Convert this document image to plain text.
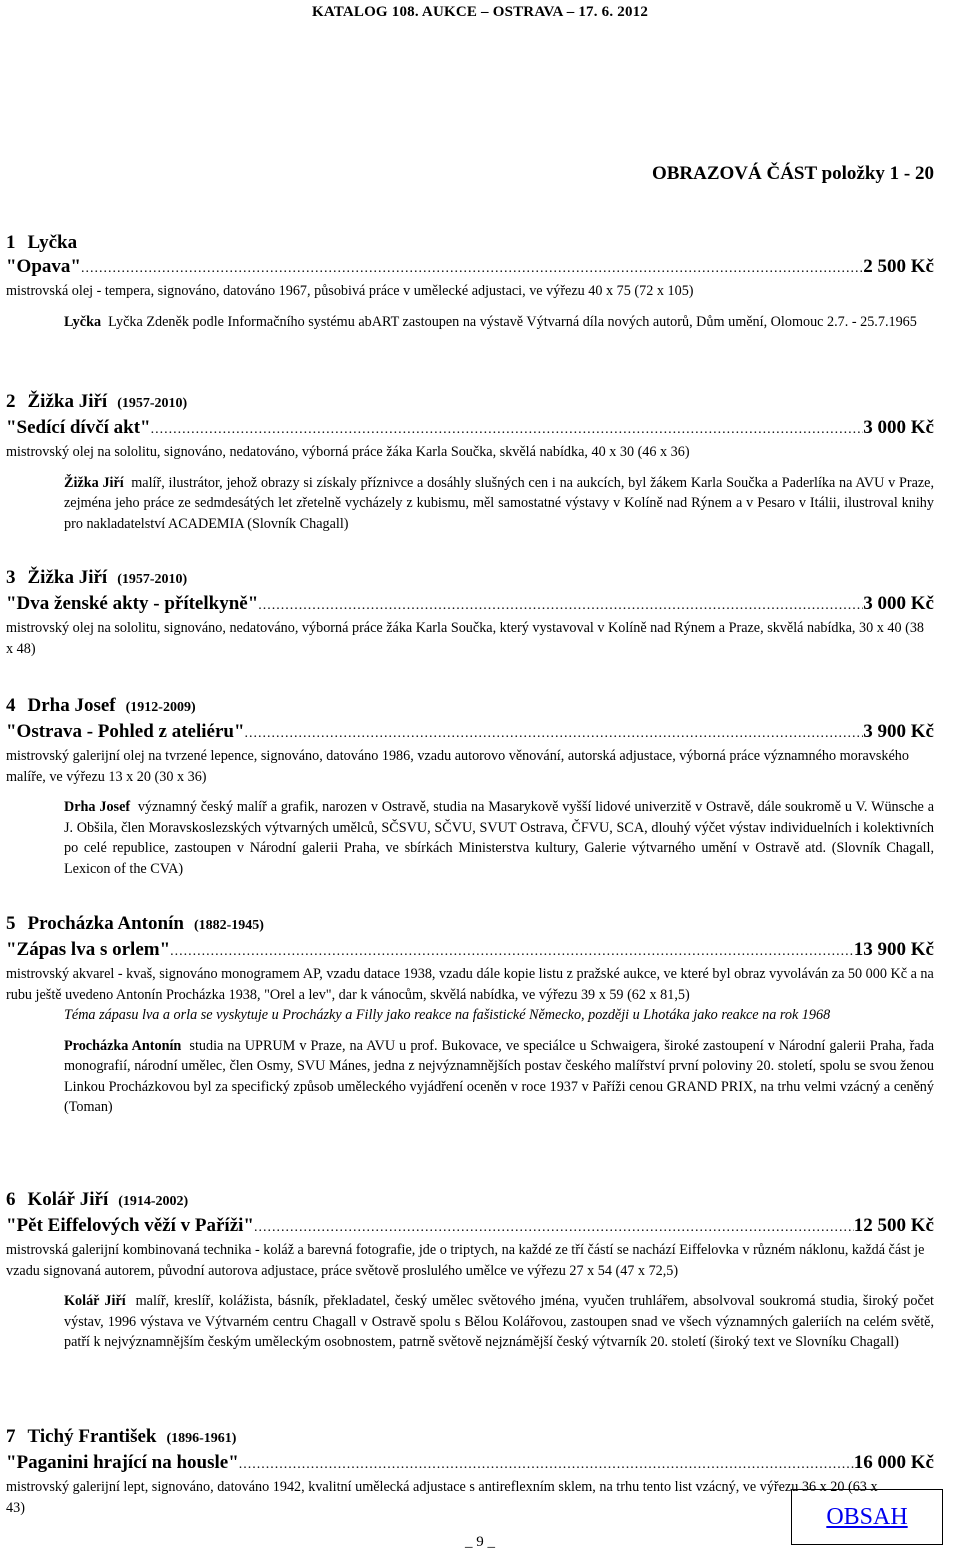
KATALOG 108. AUKCE – OSTRAVA – 17. 6. 2012
OBRAZOVÁ ČÁST položky 1 - 20
1 Lyčka
"Opava" .....	2 500 Kč
mistrovská olej - tempera, signováno, datováno 1967, působivá práce v umělecké adjustaci, ve výřezu 40 x 75 (72 x 105)
Lyčka Lyčka Zdeněk podle Informačního systému abART zastoupen na výstavě Výtvarná díla nových autorů, Dům umění, Olomouc 2.7. - 25.7.1965
2 Žižka Jiří (1957-2010)
"Sedící dívčí akt" .....	3 000 Kč
mistrovský olej na sololitu, signováno, nedatováno, výborná práce žáka Karla Součka, skvělá nabídka, 40 x 30 (46 x 36)
Žižka Jiří malíř, ilustrátor, jehož obrazy si získaly příznivce a dosáhly slušných cen i na aukcích, byl žákem Karla Součka a Paderlíka na AVU v Praze, zejména jeho práce ze sedmdesátých let zřetelně vycházely z kubismu, měl samostatné výstavy v Kolíně nad Rýnem a v Pesaro v Itálii, ilustroval knihy pro nakladatelství ACADEMIA (Slovník Chagall)
3 Žižka Jiří (1957-2010)
"Dva ženské akty - přítelkyně" .....	3 000 Kč
mistrovský olej na sololitu, signováno, nedatováno, výborná práce žáka Karla Součka, který vystavoval v Kolíně nad Rýnem a Praze, skvělá nabídka, 30 x 40 (38 x 48)
4 Drha Josef (1912-2009)
"Ostrava - Pohled z ateliéru" .....	3 900 Kč
mistrovský galerijní olej na tvrzené lepence, signováno, datováno 1986, vzadu autorovo věnování, autorská adjustace, výborná práce významného moravského malíře, ve výřezu 13 x 20 (30 x 36)
Drha Josef významný český malíř a grafik, narozen v Ostravě, studia na Masarykově vyšší lidové univerzitě v Ostravě, dále soukromě u V. Wünsche a J. Obšila, člen Moravskoslezských výtvarných umělců, SČSVU, SČVU, SVUT Ostrava, ČFVU, SCA, dlouhý výčet výstav individuelních i kolektivních po celé republice, zastoupen v Národní galerii Praha, ve sbírkách Ministerstva kultury, Galerie výtvarného umění v Ostravě atd. (Slovník Chagall, Lexicon of the CVA)
5 Procházka Antonín (1882-1945)
"Zápas lva s orlem" .....	13 900 Kč
mistrovský akvarel - kvaš, signováno monogramem AP, vzadu datace 1938, vzadu dále kopie listu z pražské aukce, ve které byl obraz vyvoláván za 50 000 Kč a na rubu ještě uvedeno Antonín Procházka 1938, "Orel a lev", dar k vánocům, skvělá nabídka, ve výřezu 39 x 59 (62 x 81,5)
Téma zápasu lva a orla se vyskytuje u Procházky a Filly jako reakce na fašistické Německo, později u Lhotáka jako reakce na rok 1968
Procházka Antonín studia na UPRUM v Praze, na AVU u prof. Bukovace, ve speciálce u Schwaigera, široké zastoupení v Národní galerii Praha, řada monografií, národní umělec, člen Osmy, SVU Mánes, jedna z nejvýznamnějších postav českého malířství první poloviny 20. století, spolu se svou ženou Linkou Procházkovou byl za specifický způsob uměleckého vyjádření oceněn v roce 1937 v Paříži cenou GRAND PRIX, na trhu velmi vzácný a ceněný (Toman)
6 Kolář Jiří (1914-2002)
"Pět Eiffelových věží v Paříži" .....	12 500 Kč
mistrovská galerijní kombinovaná technika - koláž a barevná fotografie, jde o triptych, na každé ze tří částí se nachází Eiffelovka v různém náklonu, každá část je vzadu signovaná autorem, původní autorova adjustace, práce světově proslulého umělce ve výřezu 27 x 54 (47 x 72,5)
Kolář Jiří malíř, kreslíř, kolážista, básník, překladatel, český umělec světového jména, vyučen truhlářem, absolvoval soukromá studia, široký počet výstav, 1996 výstava ve Výtvarném centru Chagall v Ostravě spolu s Bělou Kolářovou, zastoupen snad ve všech významných galeriích na celém světě, patří k nejvýznamnějším českým uměleckým osobnostem, patrně světově nejznámější český výtvarník 20. století (široký text ve Slovníku Chagall)
7 Tichý František (1896-1961)
"Paganini hrající na housle" .....	16 000 Kč
mistrovský galerijní lept, signováno, datováno 1942, kvalitní umělecká adjustace s antireflexním sklem, na trhu tento list vzácný, ve výřezu 36 x 20 (63 x 43)	OBSAH
_ 9 _
